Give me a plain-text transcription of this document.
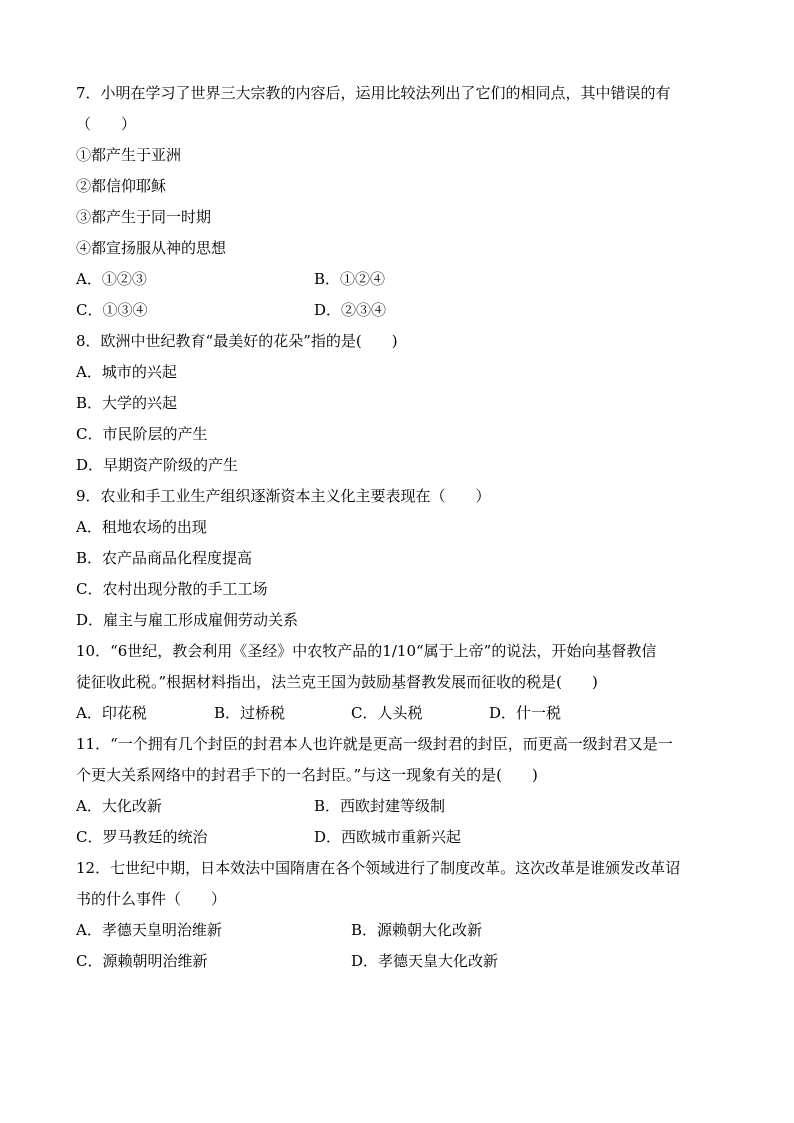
7．小明在学习了世界三大宗教的内容后，运用比较法列出了它们的相同点，其中错误的有
（　　）
①都产生于亚洲
②都信仰耶稣
③都产生于同一时期
④都宣扬服从神的思想
A．①②③	B．①②④
C．①③④	D．②③④
8．欧洲中世纪教育“最美好的花朵”指的是(　　)
A．城市的兴起
B．大学的兴起
C．市民阶层的产生
D．早期资产阶级的产生
9．农业和手工业生产组织逐渐资本主义化主要表现在（　　）
A．租地农场的出现
B．农产品商品化程度提高
C．农村出现分散的手工工场
D．雇主与雇工形成雇佣劳动关系
10．“6世纪，教会利用《圣经》中农牧产品的1/10“属于上帝”的说法，开始向基督教信
徒征收此税。”根据材料指出，法兰克王国为鼓励基督教发展而征收的税是(　　)
A．印花税	B．过桥税	C．人头税	D．什一税
11．“一个拥有几个封臣的封君本人也许就是更高一级封君的封臣，而更高一级封君又是一
个更大关系网络中的封君手下的一名封臣。”与这一现象有关的是(　　)
A．大化改新	B．西欧封建等级制
C．罗马教廷的统治	D．西欧城市重新兴起
12．七世纪中期，日本效法中国隋唐在各个领域进行了制度改革。这次改革是谁颁发改革诏
书的什么事件（　　）
A．孝德天皇明治维新	B．源赖朝大化改新
C．源赖朝明治维新	D．孝德天皇大化改新
